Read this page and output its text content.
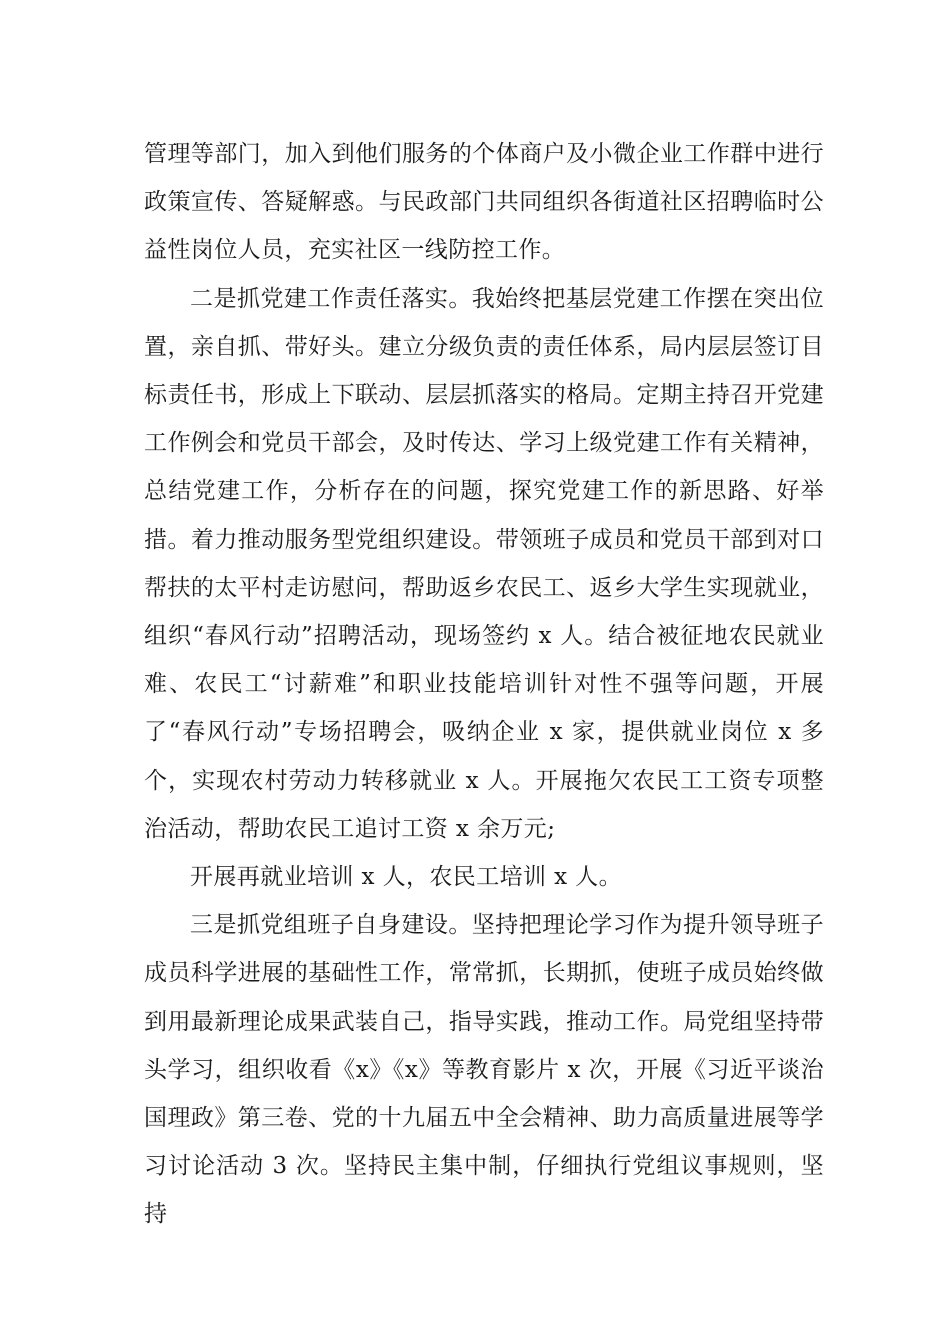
管理等部门，加入到他们服务的个体商户及小微企业工作群中进行政策宣传、答疑解惑。与民政部门共同组织各街道社区招聘临时公益性岗位人员，充实社区一线防控工作。

二是抓党建工作责任落实。我始终把基层党建工作摆在突出位置，亲自抓、带好头。建立分级负责的责任体系，局内层层签订目标责任书，形成上下联动、层层抓落实的格局。定期主持召开党建工作例会和党员干部会，及时传达、学习上级党建工作有关精神，总结党建工作，分析存在的问题，探究党建工作的新思路、好举措。着力推动服务型党组织建设。带领班子成员和党员干部到对口帮扶的太平村走访慰问，帮助返乡农民工、返乡大学生实现就业，组织“春风行动”招聘活动，现场签约 x 人。结合被征地农民就业难、农民工“讨薪难”和职业技能培训针对性不强等问题，开展了“春风行动”专场招聘会，吸纳企业 x 家，提供就业岗位 x 多个，实现农村劳动力转移就业 x 人。开展拖欠农民工工资专项整治活动，帮助农民工追讨工资 x 余万元;

开展再就业培训 x 人，农民工培训 x 人。

三是抓党组班子自身建设。坚持把理论学习作为提升领导班子成员科学进展的基础性工作，常常抓，长期抓，使班子成员始终做到用最新理论成果武装自己，指导实践，推动工作。局党组坚持带头学习，组织收看《x》《x》等教育影片 x 次，开展《习近平谈治国理政》第三卷、党的十九届五中全会精神、助力高质量进展等学习讨论活动 3 次。坚持民主集中制，仔细执行党组议事规则，坚持
